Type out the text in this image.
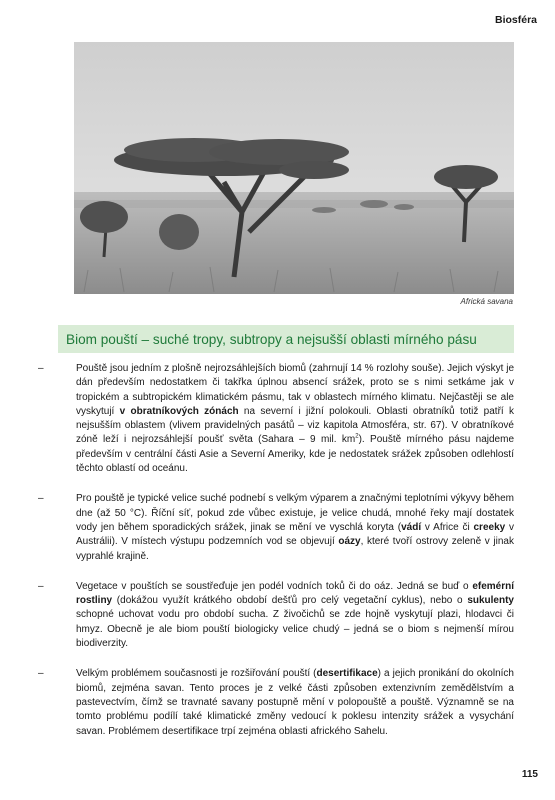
Biosféra
Africká savana
Biom pouští – suché tropy, subtropy a nejsušší oblasti mírného pásu
–	Pouště jsou jedním z plošně nejrozsáhlejších biomů (zahrnují 14 % rozlohy souše). Jejich výskyt je dán především nedostatkem či takřka úplnou absencí srážek, proto se s nimi setkáme jak v tropickém a subtropickém klimatickém pásmu, tak v oblastech mírného klimatu. Nejčastěji se ale vyskytují v obratníkových zónách na severní i jižní polokouli. Oblasti obratníků totiž patří k nejsušším oblastem (vlivem pravidelných pasátů – viz kapitola Atmosféra, str. 67). V obratníkové zóně leží i nejrozsáhlejší poušť světa (Sahara – 9 mil. $km^2$). Pouště mírného pásu najdeme především v centrální části Asie a Severní Ameriky, kde je nedostatek srážek způsoben odlehlostí těchto oblastí od oceánu.
–	Pro pouště je typické velice suché podnebí s velkým výparem a značnými teplotními výkyvy během dne (až 50 °C). Říční síť, pokud zde vůbec existuje, je velice chudá, mnohé řeky mají dostatek vody jen během sporadických srážek, jinak se mění ve vyschlá koryta (vádí v Africe či creeky v Austrálii). V místech výstupu podzemních vod se objevují oázy, které tvoří ostrovy zeleně v jinak vyprahlé krajině.
–	Vegetace v pouštích se soustřeďuje jen podél vodních toků či do oáz. Jedná se buď o efemérní rostliny (dokážou využít krátkého období dešťů pro celý vegetační cyklus), nebo o sukulenty schopné uchovat vodu pro období sucha. Z živočichů se zde hojně vyskytují plazi, hlodavci či hmyz. Obecně je ale biom pouští biologicky velice chudý – jedná se o biom s nejmenší mírou biodiverzity.
–	Velkým problémem současnosti je rozšiřování pouští (desertifikace) a jejich pronikání do okolních biomů, zejména savan. Tento proces je z velké části způsoben extenzivním zemědělstvím a pastevectvím, čímž se travnaté savany postupně mění v polopouště a pouště. Významně se na tomto problému podílí také klimatické změny vedoucí k poklesu intenzity srážek a vysychání savan. Problémem desertifikace trpí zejména oblasti afrického Sahelu.
115
